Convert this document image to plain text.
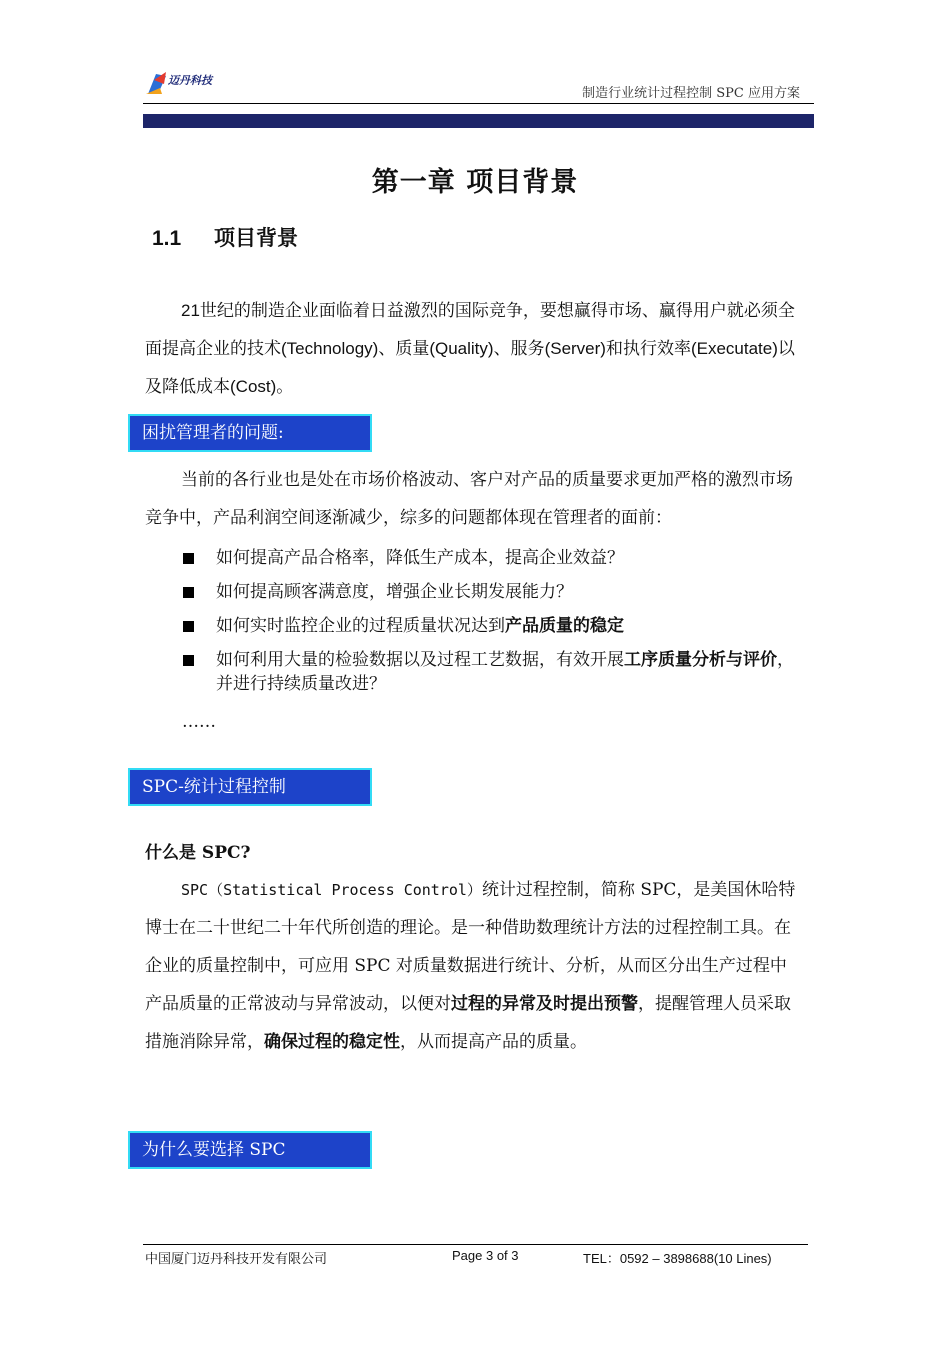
迈丹科技
制造行业统计过程控制 SPC 应用方案
第一章 项目背景
1.1 项目背景

21世纪的制造企业面临着日益激烈的国际竞争，要想赢得市场、赢得用户就必须全面提高企业的技术(Technology)、质量(Quality)、服务(Server)和执行效率(Executate)以及降低成本(Cost)。

困扰管理者的问题:

当前的各行业也是处在市场价格波动、客户对产品的质量要求更加严格的激烈市场竞争中，产品利润空间逐渐减少，综多的问题都体现在管理者的面前：

如何提高产品合格率，降低生产成本，提高企业效益？
如何提高顾客满意度，增强企业长期发展能力？
如何实时监控企业的过程质量状况达到产品质量的稳定
如何利用大量的检验数据以及过程工艺数据，有效开展工序质量分析与评价，并进行持续质量改进？
……
SPC-统计过程控制
什么是 SPC?

SPC（Statistical Process Control）统计过程控制，简称 SPC，是美国休哈特博士在二十世纪二十年代所创造的理论。是一种借助数理统计方法的过程控制工具。在企业的质量控制中，可应用 SPC 对质量数据进行统计、分析，从而区分出生产过程中产品质量的正常波动与异常波动，以便对过程的异常及时提出预警，提醒管理人员采取措施消除异常，确保过程的稳定性，从而提高产品的质量。

为什么要选择 SPC
中国厦门迈丹科技开发有限公司	Page 3 of 3	TEL：0592 – 3898688(10 Lines)
